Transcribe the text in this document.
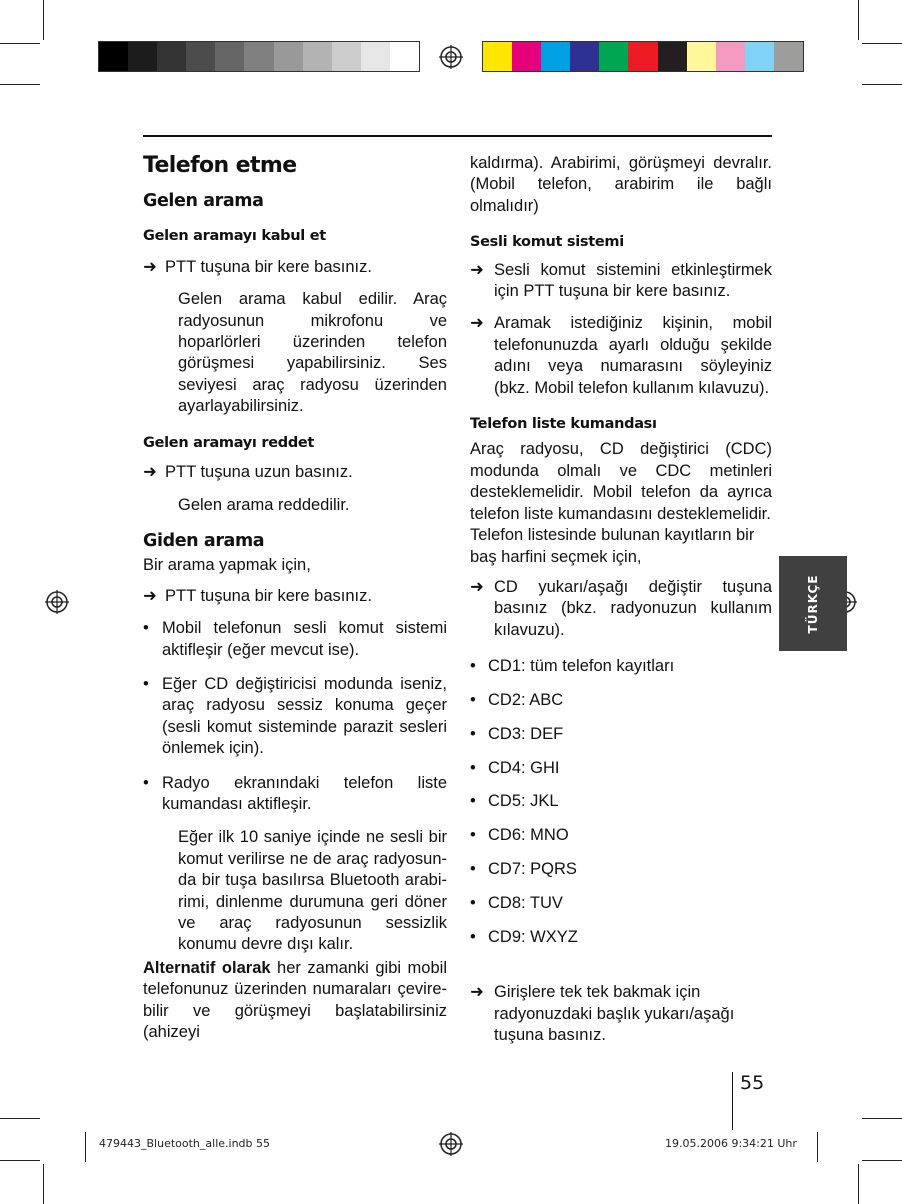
Telefon etme

Gelen arama

Gelen aramayı kabul et

➜ PTT tuşuna bir kere basınız.

Gelen arama kabul edilir. Araç radyosunun mikrofonu ve hoparlörleri üzerinden telefon görüşmesi yapabilirsiniz. Ses seviyesi araç radyosu üzerinden ayarlayabilirsiniz.

Gelen aramayı reddet

➜ PTT tuşuna uzun basınız.

Gelen arama reddedilir.

Giden arama

Bir arama yapmak için,

➜ PTT tuşuna bir kere basınız.

• Mobil telefonun sesli komut sistemi aktifleşir (eğer mevcut ise).

• Eğer CD değiştiricisi modunda iseniz, araç radyosu sessiz konuma geçer (sesli komut sisteminde parazit sesleri önlemek için).

• Radyo ekranındaki telefon liste kumandası aktifleşir.

Eğer ilk 10 saniye içinde ne sesli bir komut verilirse ne de araç radyosunda bir tuşa basılırsa Bluetooth arabirimi, dinlenme durumuna geri döner ve araç radyosunun sessizlik konumu devre dışı kalır.

Alternatif olarak her zamanki gibi mobil telefonunuz üzerinden numaraları çevirebilir ve görüşmeyi başlatabilirsiniz (ahizeyi

kaldırma). Arabirimi, görüşmeyi devralır. (Mobil telefon, arabirim ile bağlı olmalıdır)

Sesli komut sistemi

➜ Sesli komut sistemini etkinleştirmek için PTT tuşuna bir kere basınız.

➜ Aramak istediğiniz kişinin, mobil telefonunuzda ayarlı olduğu şekilde adını veya numarasını söyleyiniz (bkz. Mobil telefon kullanım kılavuzu).

Telefon liste kumandası

Araç radyosu, CD değiştirici (CDC) modunda olmalı ve CDC metinleri desteklemelidir. Mobil telefon da ayrıca telefon liste kumandasını desteklemelidir.

Telefon listesinde bulunan kayıtların bir baş harfini seçmek için,

➜ CD yukarı/aşağı değiştir tuşuna basınız (bkz. radyonuzun kullanım kılavuzu).

• CD1: tüm telefon kayıtları

• CD2: ABC

• CD3: DEF

• CD4: GHI

• CD5: JKL

• CD6: MNO

• CD7: PQRS

• CD8: TUV

• CD9: WXYZ

➜ Girişlere tek tek bakmak için radyonuzdaki başlık yukarı/aşağı tuşuna basınız.

TÜRKÇE
55
479443_Bluetooth_alle.indb 55	19.05.2006 9:34:21 Uhr
